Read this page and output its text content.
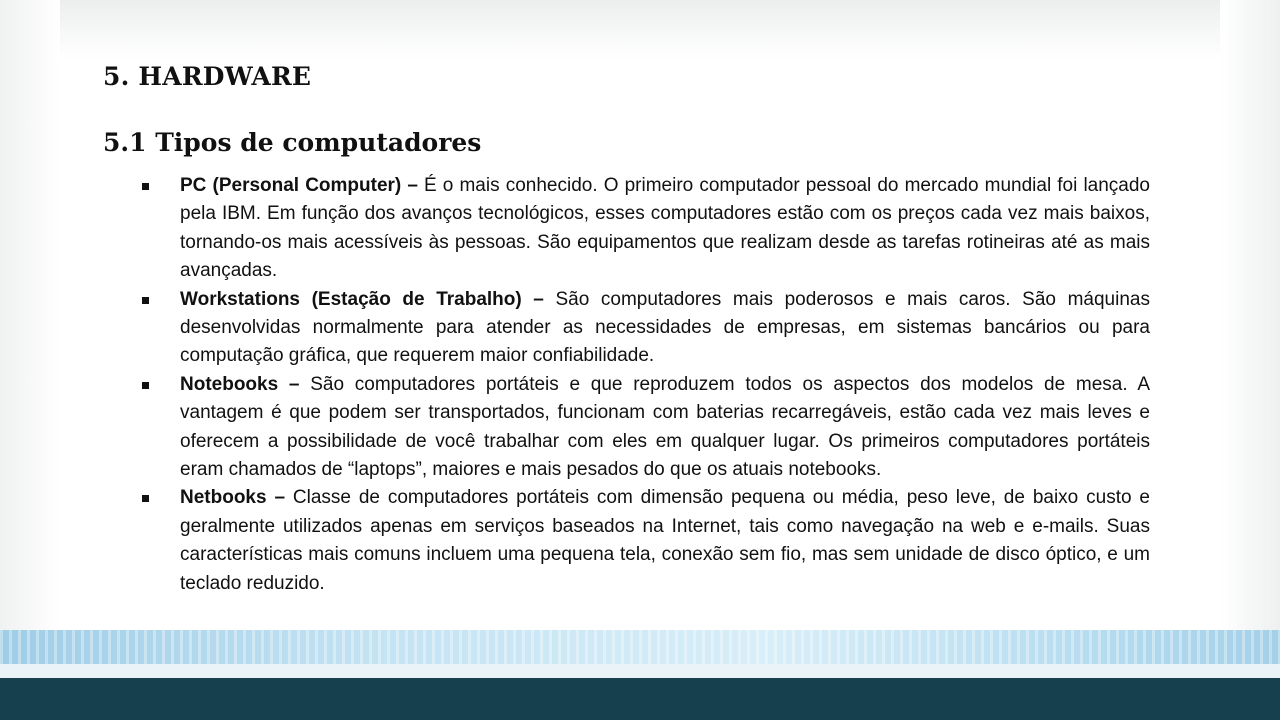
5. HARDWARE
5.1 Tipos de computadores
PC (Personal Computer) – É o mais conhecido. O primeiro computador pessoal do mercado mundial foi lançado pela IBM. Em função dos avanços tecnológicos, esses computadores estão com os preços cada vez mais baixos, tornando-os mais acessíveis às pessoas. São equipamentos que realizam desde as tarefas rotineiras até as mais avançadas.
Workstations (Estação de Trabalho) – São computadores mais poderosos e mais caros. São máquinas desenvolvidas normalmente para atender as necessidades de empresas, em sistemas bancários ou para computação gráfica, que requerem maior confiabilidade.
Notebooks – São computadores portáteis e que reproduzem todos os aspectos dos modelos de mesa. A vantagem é que podem ser transportados, funcionam com baterias recarregáveis, estão cada vez mais leves e oferecem a possibilidade de você trabalhar com eles em qualquer lugar. Os primeiros computadores portáteis eram chamados de “laptops”, maiores e mais pesados do que os atuais notebooks.
Netbooks – Classe de computadores portáteis com dimensão pequena ou média, peso leve, de baixo custo e geralmente utilizados apenas em serviços baseados na Internet, tais como navegação na web e e-mails. Suas características mais comuns incluem uma pequena tela, conexão sem fio, mas sem unidade de disco óptico, e um teclado reduzido.
